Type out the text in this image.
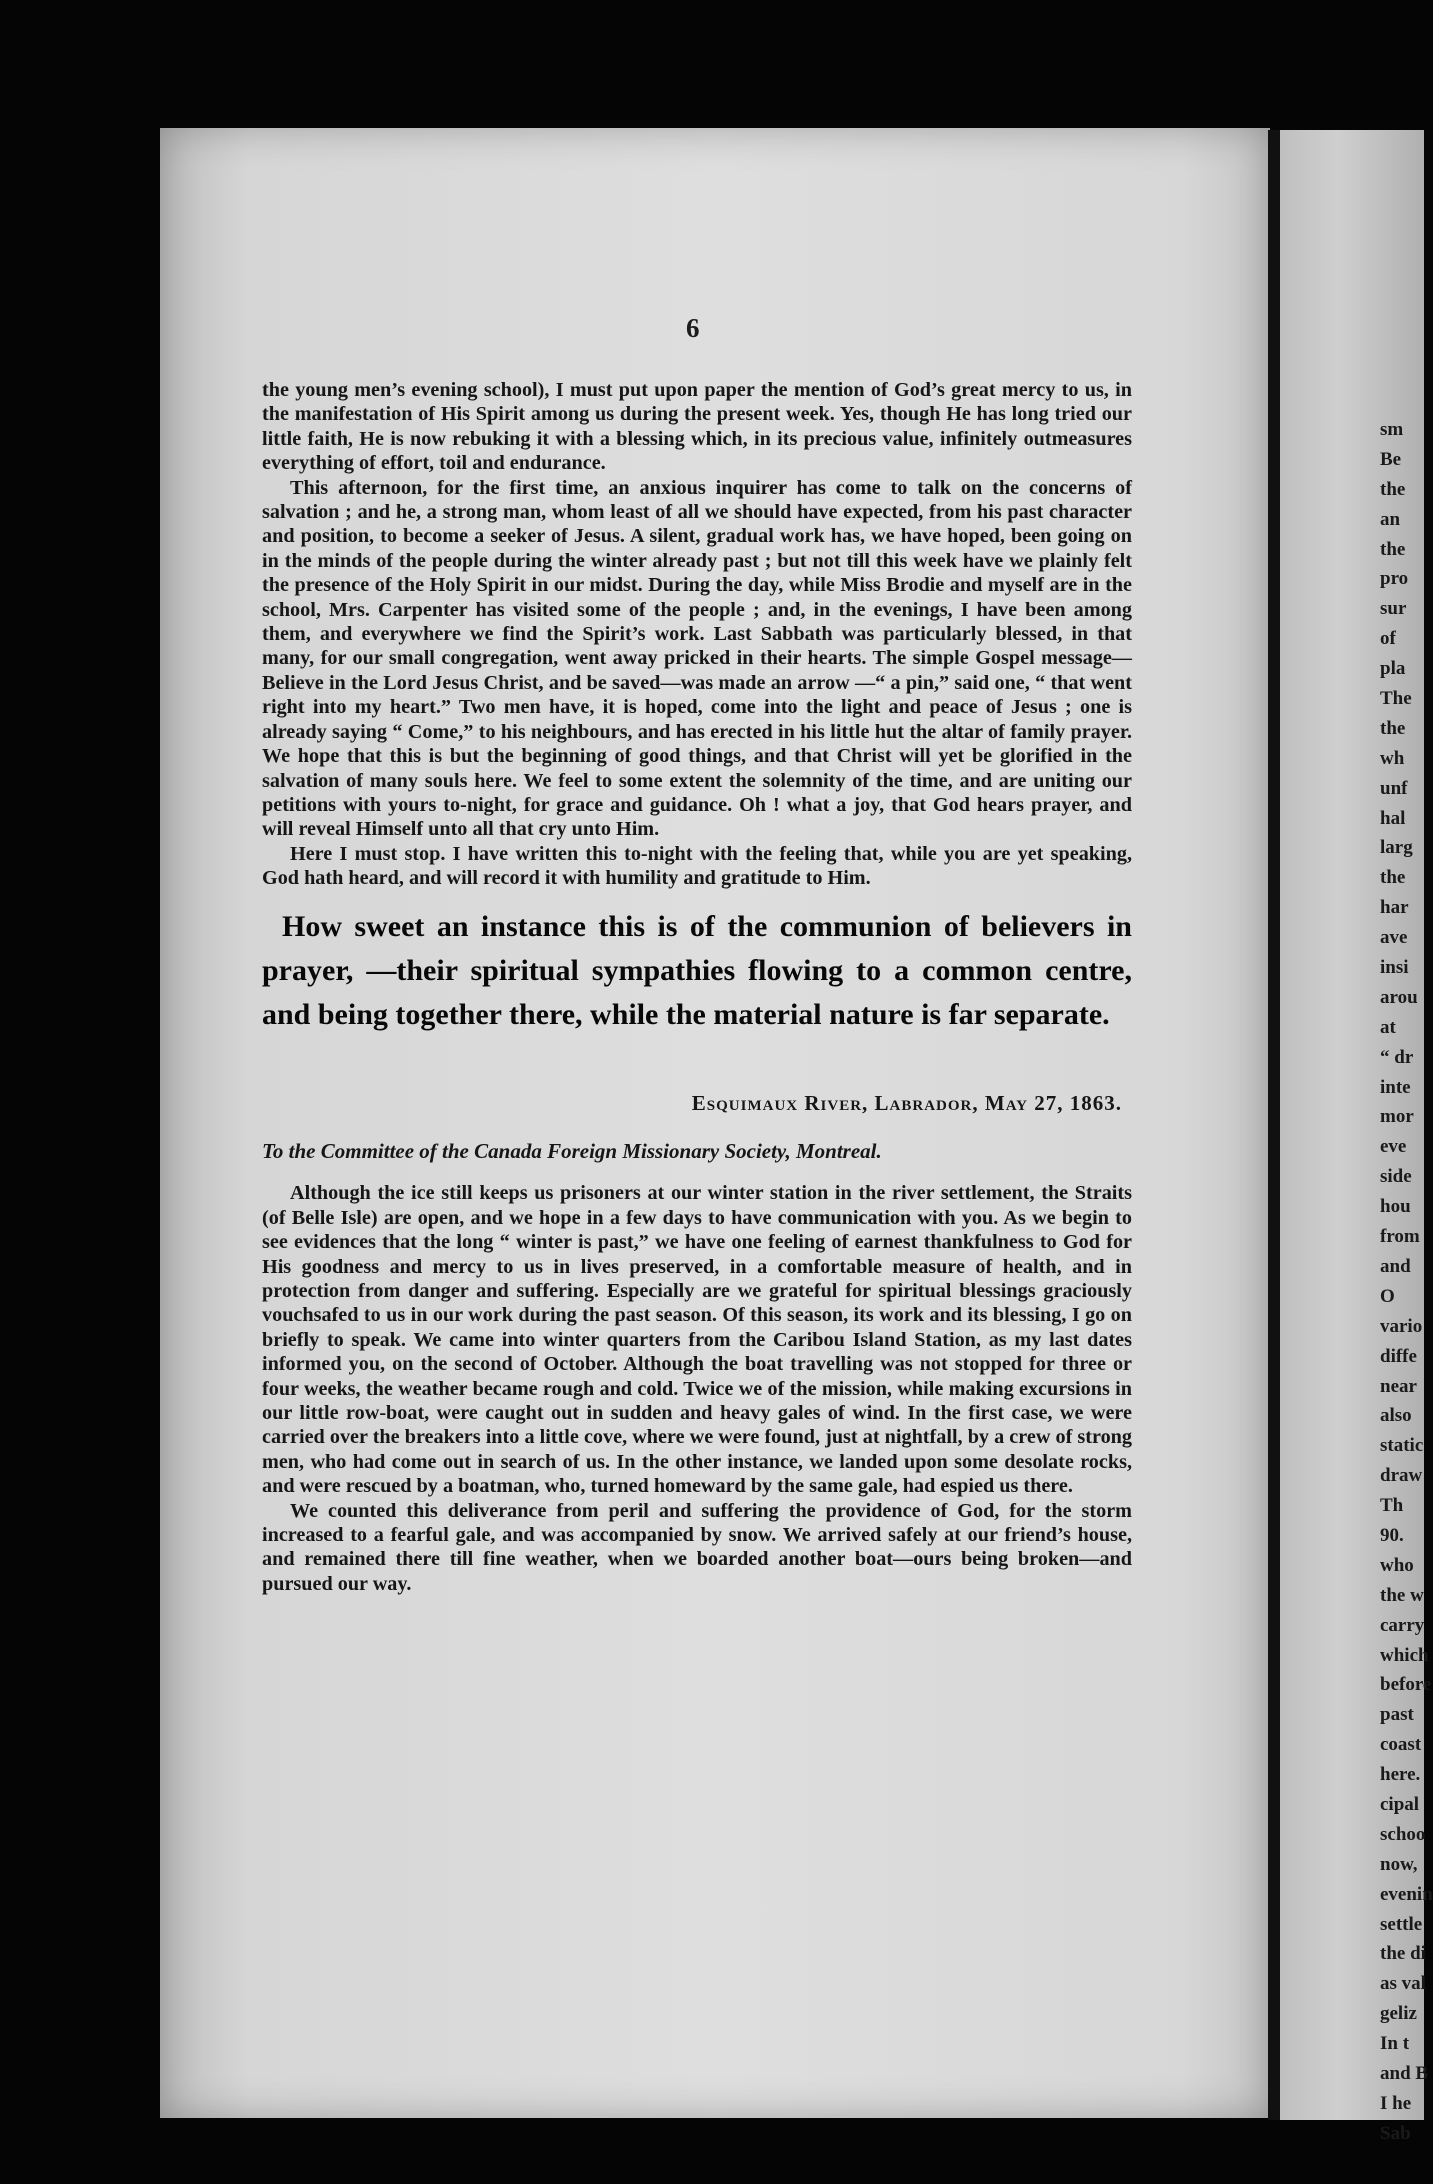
sm
Be
the
an
the
pro
sur
of
pla
The
the
wh
unf
hal
larg
the
har
ave
insi
arou
at
“ dr
inte
mor
eve
side
hou
from
and
O
vario
diffe
near
also
static
draw
Th
90.
who
the w
carry
which
before
past
coast
here.
cipal
schoo
now,
evenin
settle
the di
as val
geliz
In t
and B
I he
Sab
6

the young men’s evening school), I must put upon paper the mention of God’s great mercy to us, in the manifestation of His Spirit among us during the present week. Yes, though He has long tried our little faith, He is now rebuking it with a blessing which, in its precious value, infinitely outmeasures everything of effort, toil and endurance.

This afternoon, for the first time, an anxious inquirer has come to talk on the concerns of salvation ; and he, a strong man, whom least of all we should have expected, from his past character and position, to become a seeker of Jesus. A silent, gradual work has, we have hoped, been going on in the minds of the people during the winter already past ; but not till this week have we plainly felt the presence of the Holy Spirit in our midst. During the day, while Miss Brodie and myself are in the school, Mrs. Carpenter has visited some of the people ; and, in the evenings, I have been among them, and everywhere we find the Spirit’s work. Last Sabbath was particularly blessed, in that many, for our small congregation, went away pricked in their hearts. The simple Gospel message—Believe in the Lord Jesus Christ, and be saved—was made an arrow —“ a pin,” said one, “ that went right into my heart.” Two men have, it is hoped, come into the light and peace of Jesus ; one is already saying “ Come,” to his neighbours, and has erected in his little hut the altar of family prayer. We hope that this is but the beginning of good things, and that Christ will yet be glorified in the salvation of many souls here. We feel to some extent the solemnity of the time, and are uniting our petitions with yours to-night, for grace and guidance. Oh ! what a joy, that God hears prayer, and will reveal Himself unto all that cry unto Him.

Here I must stop. I have written this to-night with the feeling that, while you are yet speaking, God hath heard, and will record it with humility and gratitude to Him.

How sweet an instance this is of the communion of believers in prayer, —their spiritual sympathies flowing to a common centre, and being together there, while the material nature is far separate.

Esquimaux River, Labrador, May 27, 1863.

To the Committee of the Canada Foreign Missionary Society, Montreal.

Although the ice still keeps us prisoners at our winter station in the river settlement, the Straits (of Belle Isle) are open, and we hope in a few days to have communication with you. As we begin to see evidences that the long “ winter is past,” we have one feeling of earnest thankfulness to God for His goodness and mercy to us in lives preserved, in a comfortable measure of health, and in protection from danger and suffering. Especially are we grateful for spiritual blessings graciously vouchsafed to us in our work during the past season. Of this season, its work and its blessing, I go on briefly to speak. We came into winter quarters from the Caribou Island Station, as my last dates informed you, on the second of October. Although the boat travelling was not stopped for three or four weeks, the weather became rough and cold. Twice we of the mission, while making excursions in our little row-boat, were caught out in sudden and heavy gales of wind. In the first case, we were carried over the breakers into a little cove, where we were found, just at nightfall, by a crew of strong men, who had come out in search of us. In the other instance, we landed upon some desolate rocks, and were rescued by a boatman, who, turned homeward by the same gale, had espied us there.

We counted this deliverance from peril and suffering the providence of God, for the storm increased to a fearful gale, and was accompanied by snow. We arrived safely at our friend’s house, and remained there till fine weather, when we boarded another boat—ours being broken—and pursued our way.
